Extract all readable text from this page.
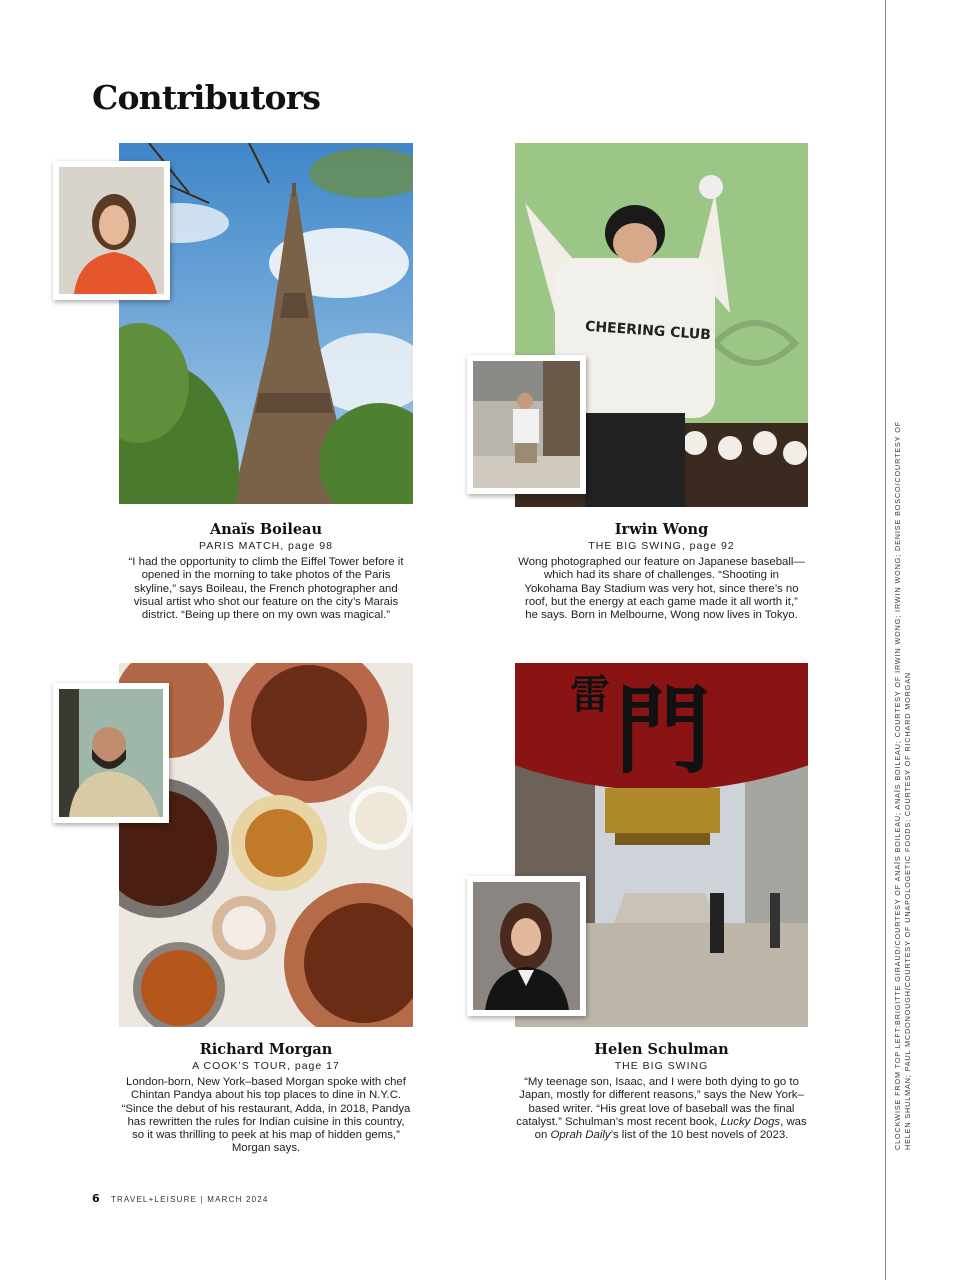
Contributors
CLOCKWISE FROM TOP LEFT:BRIGITTE GIRAUD/COURTESY OF ANAÏS BOILEAU; ANAÏS BOILEAU; COURTESY OF IRWIN WONG; IRWIN WONG; DENISE BOSCO/COURTESY OF HELEN SHULMAN; PAUL MCDONOUGH/COURTESY OF UNAPOLOGETIC FOODS; COURTESY OF RICHARD MORGAN
CHEERING CLUB
門
雷

Anaïs Boileau

PARIS MATCH, page 98

“I had the opportunity to climb the Eiffel Tower before it opened in the morning to take photos of the Paris skyline,” says Boileau, the French photographer and visual artist who shot our feature on the city’s Marais district. “Being up there on my own was magical.”

Irwin Wong

THE BIG SWING, page 92

Wong photographed our feature on Japanese baseball—which had its share of challenges. “Shooting in Yokohama Bay Stadium was very hot, since there’s no roof, but the energy at each game made it all worth it,” he says. Born in Melbourne, Wong now lives in Tokyo.

Richard Morgan

A COOK’S TOUR, page 17

London-born, New York–based Morgan spoke with chef Chintan Pandya about his top places to dine in N.Y.C. “Since the debut of his restaurant, Adda, in 2018, Pandya has rewritten the rules for Indian cuisine in this country, so it was thrilling to peek at his map of hidden gems,” Morgan says.

Helen Schulman

THE BIG SWING

“My teenage son, Isaac, and I were both dying to go to Japan, mostly for different reasons,” says the New York–based writer. “His great love of baseball was the final catalyst.” Schulman’s most recent book, Lucky Dogs, was on Oprah Daily’s list of the 10 best novels of 2023.

6 TRAVEL+LEISURE | MARCH 2024
